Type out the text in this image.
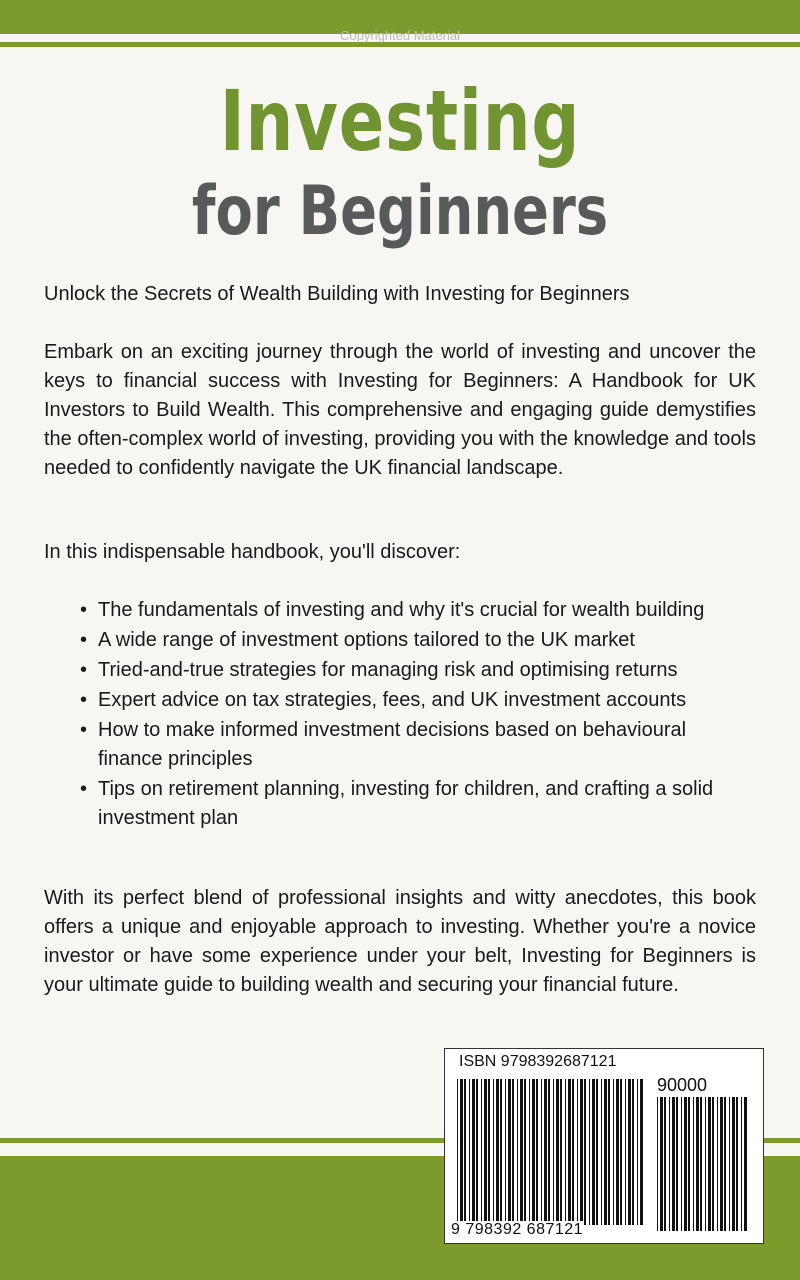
Copyrighted Material
Investing
for Beginners
Unlock the Secrets of Wealth Building with Investing for Beginners
Embark on an exciting journey through the world of investing and uncover the keys to financial success with Investing for Beginners: A Handbook for UK Investors to Build Wealth. This comprehensive and engaging guide demystifies the often-complex world of investing, providing you with the knowledge and tools needed to confidently navigate the UK financial landscape.
In this indispensable handbook, you'll discover:
• The fundamentals of investing and why it's crucial for wealth building
• A wide range of investment options tailored to the UK market
• Tried-and-true strategies for managing risk and optimising returns
• Expert advice on tax strategies, fees, and UK investment accounts
• How to make informed investment decisions based on behavioural finance principles
• Tips on retirement planning, investing for children, and crafting a solid investment plan
With its perfect blend of professional insights and witty anecdotes, this book offers a unique and enjoyable approach to investing. Whether you're a novice investor or have some experience under your belt, Investing for Beginners is your ultimate guide to building wealth and securing your financial future.
ISBN 9798392687121
90000
9 798392 687121
